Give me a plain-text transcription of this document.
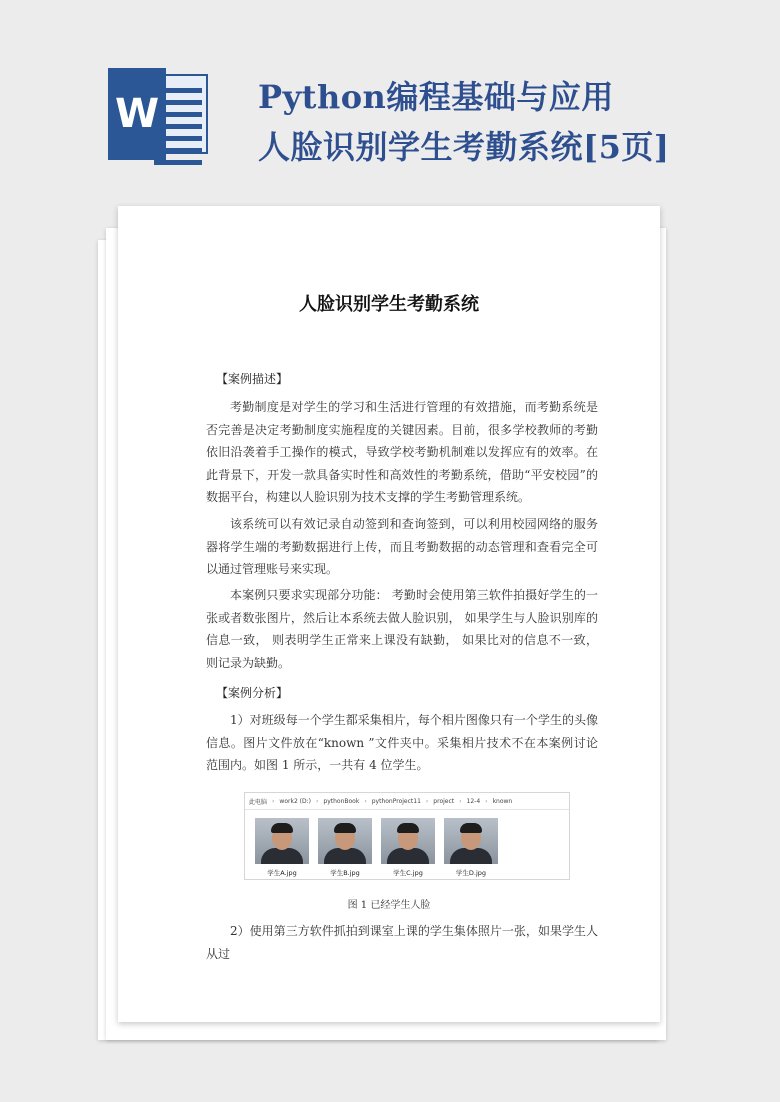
W	Python编程基础与应用
人脸识别学生考勤系统[5页]
人脸识别学生考勤系统
【案例描述】

考勤制度是对学生的学习和生活进行管理的有效措施，而考勤系统是否完善是决定考勤制度实施程度的关键因素。目前，很多学校教师的考勤依旧沿袭着手工操作的模式，导致学校考勤机制难以发挥应有的效率。在此背景下，开发一款具备实时性和高效性的考勤系统，借助“平安校园”的数据平台，构建以人脸识别为技术支撑的学生考勤管理系统。

该系统可以有效记录自动签到和查询签到，可以利用校园网络的服务器将学生端的考勤数据进行上传，而且考勤数据的动态管理和查看完全可以通过管理账号来实现。

本案例只要求实现部分功能： 考勤时会使用第三软件拍摄好学生的一张或者数张图片，然后让本系统去做人脸识别， 如果学生与人脸识别库的信息一致， 则表明学生正常来上课没有缺勤， 如果比对的信息不一致， 则记录为缺勤。

【案例分析】

1）对班级每一个学生都采集相片，每个相片图像只有一个学生的头像信息。图片文件放在“known ”文件夹中。采集相片技术不在本案例讨论范围内。如图 1 所示，一共有 4 位学生。

此电脑 › work2 (D:) › pythonBook › pythonProject11 › project › 12-4 › known
学生A.jpg	学生B.jpg	学生C.jpg	学生D.jpg
图 1 已经学生人脸

2）使用第三方软件抓拍到课室上课的学生集体照片一张，如果学生人从过
